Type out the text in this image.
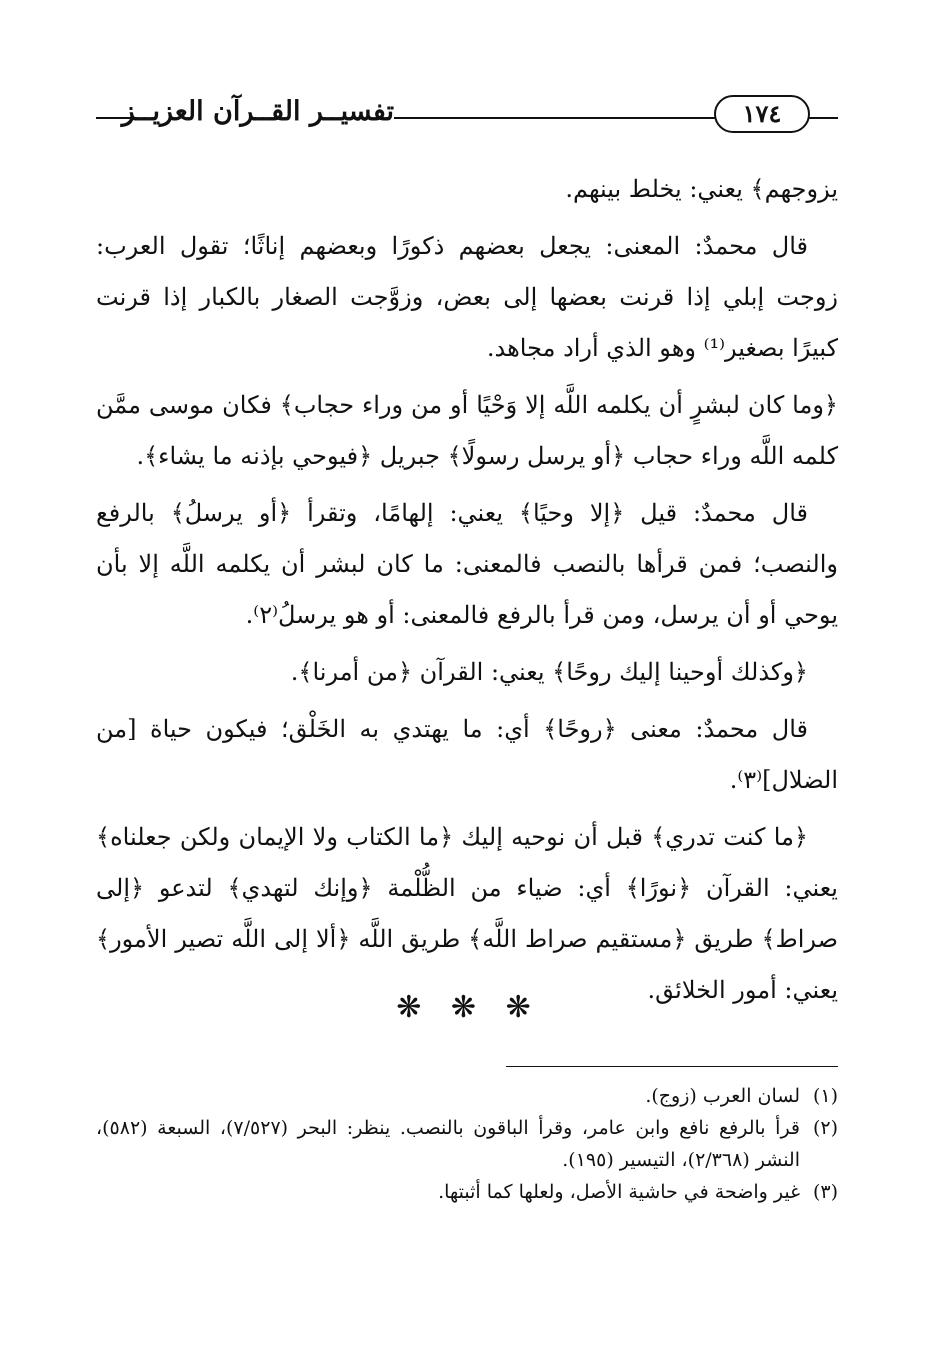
تفسيــر القــرآن العزيــز	١٧٤

يزوجهم﴾ يعني: يخلط بينهم.

قال محمدٌ: المعنى: يجعل بعضهم ذكورًا وبعضهم إناثًا؛ تقول العرب: زوجت إبلي إذا قرنت بعضها إلى بعض، وزوَّجت الصغار بالكبار إذا قرنت كبيرًا بصغير⁽¹⁾ وهو الذي أراد مجاهد.

﴿وما كان لبشرٍ أن يكلمه اللَّه إلا وَحْيًا أو من وراء حجاب﴾ فكان موسى ممَّن كلمه اللَّه وراء حجاب ﴿أو يرسل رسولًا﴾ جبريل ﴿فيوحي بإذنه ما يشاء﴾.

قال محمدٌ: قيل ﴿إلا وحيًا﴾ يعني: إلهامًا، وتقرأ ﴿أو يرسلُ﴾ بالرفع والنصب؛ فمن قرأها بالنصب فالمعنى: ما كان لبشر أن يكلمه اللَّه إلا بأن يوحي أو أن يرسل، ومن قرأ بالرفع فالمعنى: أو هو يرسلُ⁽٢⁾.

﴿وكذلك أوحينا إليك روحًا﴾ يعني: القرآن ﴿من أمرنا﴾.

قال محمدٌ: معنى ﴿روحًا﴾ أي: ما يهتدي به الخَلْق؛ فيكون حياة [من الضلال]⁽٣⁾.

﴿ما كنت تدري﴾ قبل أن نوحيه إليك ﴿ما الكتاب ولا الإيمان ولكن جعلناه﴾ يعني: القرآن ﴿نورًا﴾ أي: ضياء من الظُّلْمة ﴿وإنك لتهدي﴾ لتدعو ﴿إلى صراط﴾ طريق ﴿مستقيم صراط اللَّه﴾ طريق اللَّه ﴿ألا إلى اللَّه تصير الأمور﴾ يعني: أمور الخلائق.

❋ ❋ ❋

(١)
لسان العرب (زوج).

(٢)
قرأ بالرفع نافع وابن عامر، وقرأ الباقون بالنصب. ينظر: البحر (٧/٥٢٧)، السبعة (٥٨٢)، النشر (٢/٣٦٨)، التيسير (١٩٥).

(٣)
غير واضحة في حاشية الأصل، ولعلها كما أثبتها.
